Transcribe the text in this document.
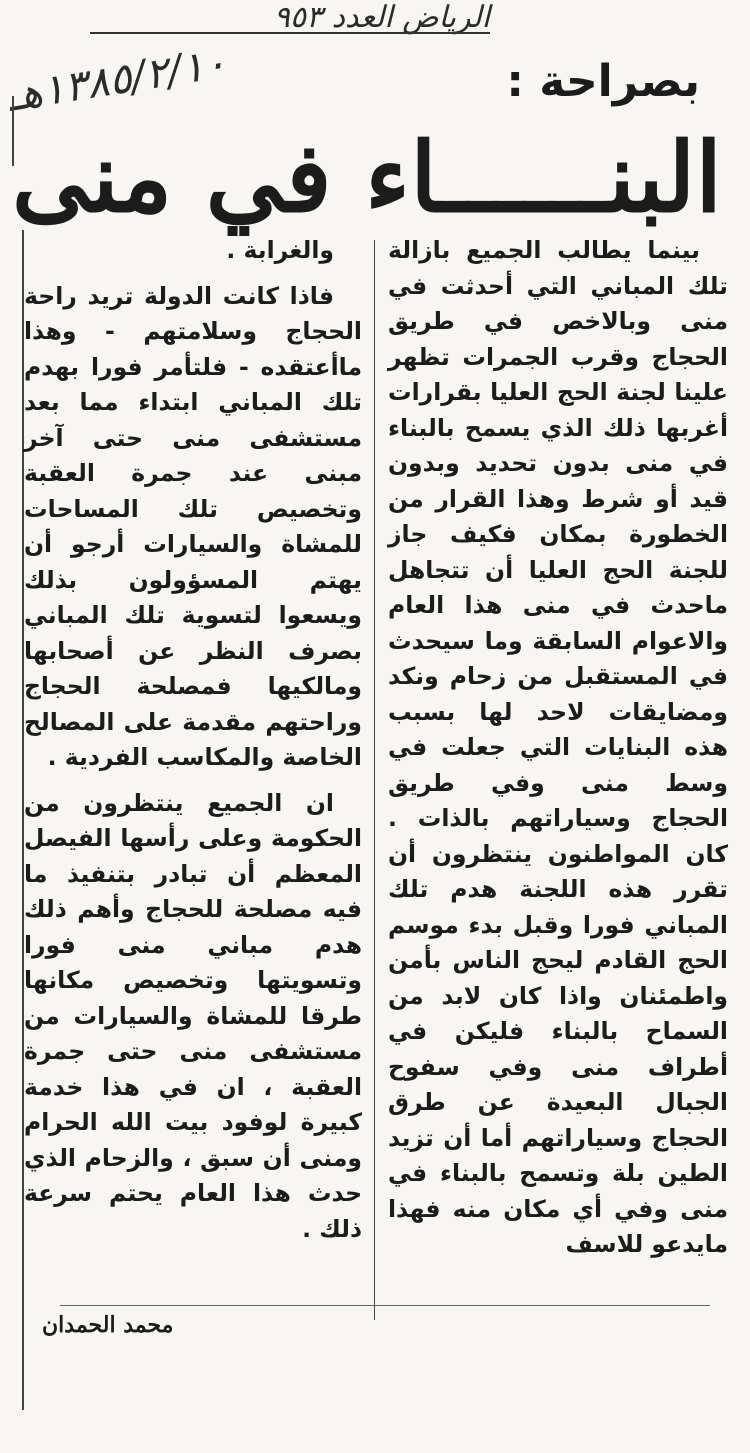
الرياض العدد ٩٥٣
١٣٨٥/٢/١٠هـ	بصراحة :
البنــــــاء في منى

بينما يطالب الجميع بازالة تلك المباني التي أحدثت في منى وبالاخص في طريق الحجاج وقرب الجمرات تظهر علينا لجنة الحج العليا بقرارات أغربها ذلك الذي يسمح بالبناء في منى بدون تحديد وبدون قيد أو شرط وهذا القرار من الخطورة بمكان فكيف جاز للجنة الحج العليا أن تتجاهل ماحدث في منى هذا العام والاعوام السابقة وما سيحدث في المستقبل من زحام ونكد ومضايقات لاحد لها بسبب هذه البنايات التي جعلت في وسط منى وفي طريق الحجاج وسياراتهم بالذات . كان المواطنون ينتظرون أن تقرر هذه اللجنة هدم تلك المباني فورا وقبل بدء موسم الحج القادم ليحج الناس بأمن واطمئنان واذا كان لابد من السماح بالبناء فليكن في أطراف منى وفي سفوح الجبال البعيدة عن طرق الحجاج وسياراتهم أما أن تزيد الطين بلة وتسمح بالبناء في منى وفي أي مكان منه فهذا مايدعو للاسف

والغرابة .

فاذا كانت الدولة تريد راحة الحجاج وسلامتهم - وهذا ماأعتقده - فلتأمر فورا بهدم تلك المباني ابتداء مما بعد مستشفى منى حتى آخر مبنى عند جمرة العقبة وتخصيص تلك المساحات للمشاة والسيارات أرجو أن يهتم المسؤولون بذلك ويسعوا لتسوية تلك المباني بصرف النظر عن أصحابها ومالكيها فمصلحة الحجاج وراحتهم مقدمة على المصالح الخاصة والمكاسب الفردية .

ان الجميع ينتظرون من الحكومة وعلى رأسها الفيصل المعظم أن تبادر بتنفيذ ما فيه مصلحة للحجاج وأهم ذلك هدم مباني منى فورا وتسويتها وتخصيص مكانها طرقا للمشاة والسيارات من مستشفى منى حتى جمرة العقبة ، ان في هذا خدمة كبيرة لوفود بيت الله الحرام ومنى أن سبق ، والزحام الذي حدث هذا العام يحتم سرعة ذلك .

محمد الحمدان
